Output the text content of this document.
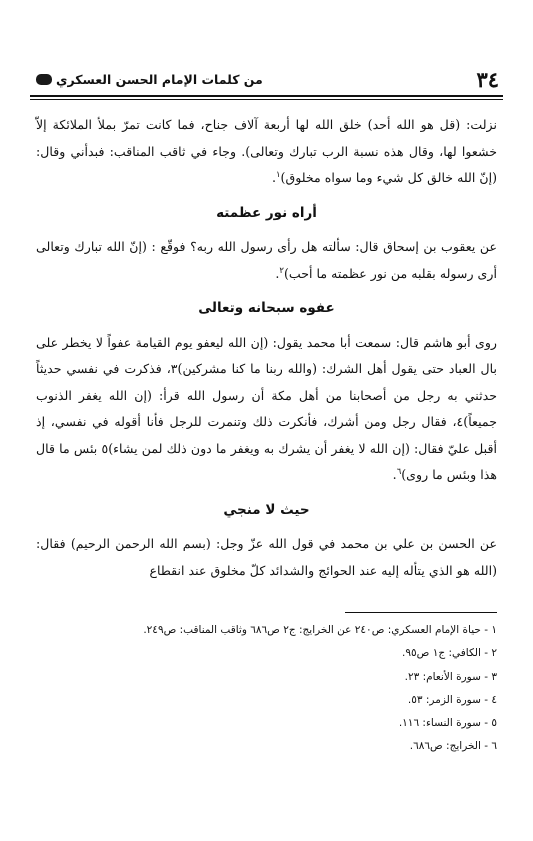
٣٤
من كلمات الإمام الحسن العسكري

نزلت: (قل هو الله أحد) خلق الله لها أربعة آلاف جناح، فما كانت تمرّ بملأ الملائكة إلاّ خشعوا لها، وقال هذه نسبة الرب تبارك وتعالى). وجاء في ثاقب المناقب: فبدأني وقال: (إنّ الله خالق كل شيء وما سواه مخلوق)$^١$.

أراه نور عظمته

عن يعقوب بن إسحاق قال: سألته هل رأى رسول الله ربه؟ فوقّع : (إنّ الله تبارك وتعالى أرى رسوله بقلبه من نور عظمته ما أحب)$^٢$.

عفوه سبحانه وتعالى

روى أبو هاشم قال: سمعت أبا محمد يقول: (إن الله ليعفو يوم القيامة عفواً لا يخطر على بال العباد حتى يقول أهل الشرك: (والله ربنا ما كنا مشركين)٣، فذكرت في نفسي حديثاً حدثني به رجل من أصحابنا من أهل مكة أن رسول الله قرأ: (إن الله يغفر الذنوب جميعاً)٤، فقال رجل ومن أشرك، فأنكرت ذلك وتنمرت للرجل فأنا أقوله في نفسي، إذ أقبل عليّ فقال: (إن الله لا يغفر أن يشرك به ويغفر ما دون ذلك لمن يشاء)٥ بئس ما قال هذا وبئس ما روى)$^٦$.

حيث لا منجي

عن الحسن بن علي بن محمد في قول الله عزّ وجل: (بسم الله الرحمن الرحيم) فقال: (الله هو الذي يتأله إليه عند الحوائج والشدائد كلّ مخلوق عند انقطاع

١ - حياة الإمام العسكري: ص٢٤٠ عن الخرايج: ج٢ ص٦٨٦ وثاقب المناقب: ص٢٤٩.
٢ - الكافي: ج١ ص٩٥.
٣ - سورة الأنعام: ٢٣.
٤ - سورة الزمر: ٥٣.
٥ - سورة النساء: ١١٦.
٦ - الخرايج: ص٦٨٦.
